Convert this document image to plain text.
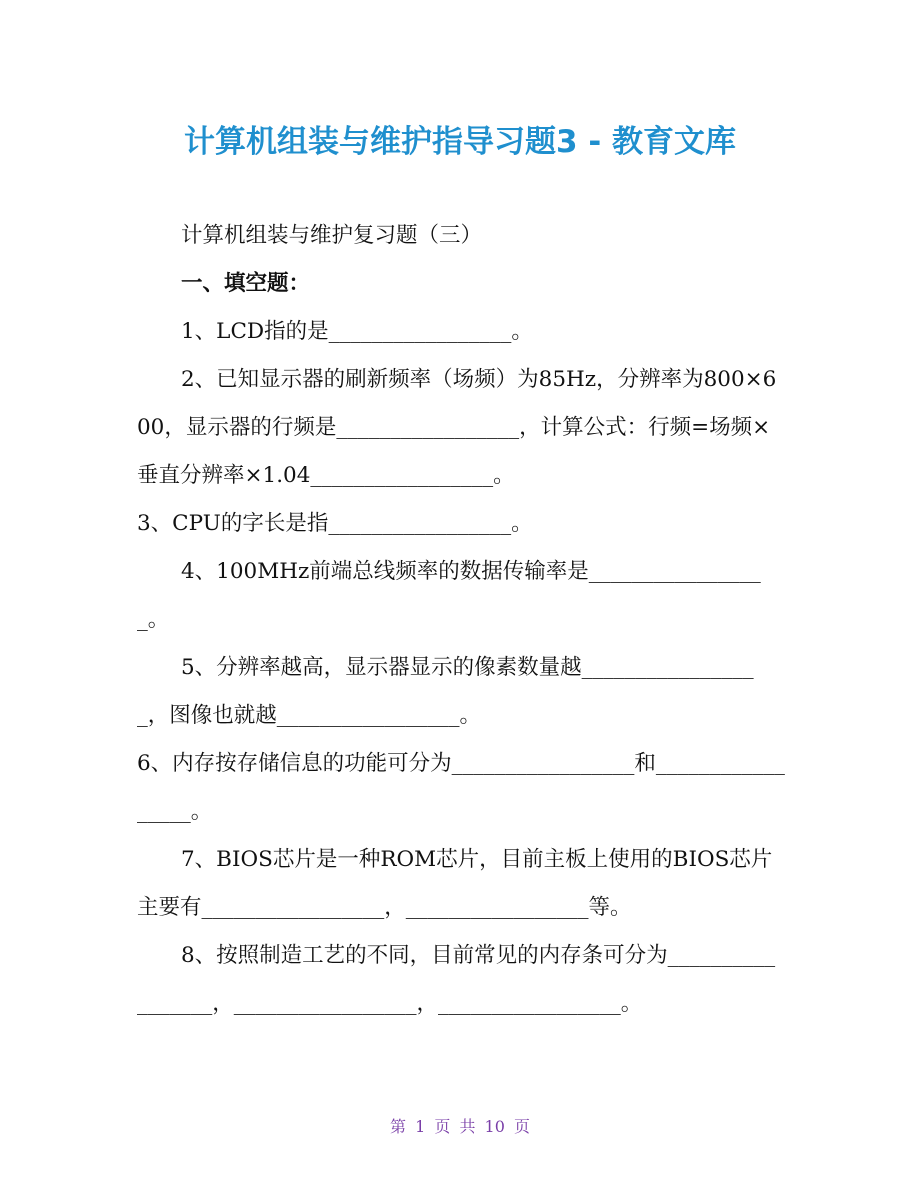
计算机组装与维护指导习题3 - 教育文库

计算机组装与维护复习题（三）

一、填空题：

1、LCD指的是_________________。

2、已知显示器的刷新频率（场频）为85Hz，分辨率为800×600，显示器的行频是_________________，计算公式：行频=场频×垂直分辨率×1.04_________________。

3、CPU的字长是指_________________。

4、100MHz前端总线频率的数据传输率是_________________。

5、分辨率越高，显示器显示的像素数量越_________________，图像也就越_________________。

6、内存按存储信息的功能可分为_________________和_________________。

7、BIOS芯片是一种ROM芯片，目前主板上使用的BIOS芯片主要有_________________，_________________等。

8、按照制造工艺的不同，目前常见的内存条可分为_________________，_________________，_________________。

第 1 页 共 10 页
